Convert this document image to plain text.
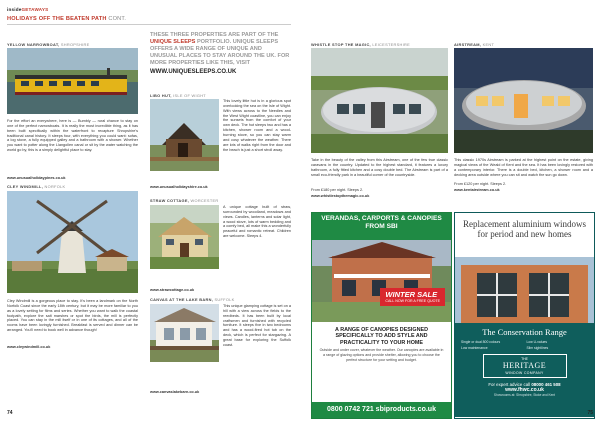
insideGETAWAYS
HOLIDAYS OFF THE BEATEN PATH CONT.
YELLOW NARROWBOAT, SHROPSHIRE

For the effort an everywhere, here is — Bumbly — rural chance to stay on one of the perfect narrowboats. It is really the most incredible thing, as it has been built specifically within the waterfront to recapture Shropshire's traditional canal history. It sleeps four, with everything you could want: sofas, a log stove, a fully equipped galley and a bathroom with a shower. Whether you want to potter along the Llangollen canal or sit by the water watching the world go by, this is a simply delightful place to stay.

www.unusualholidaypines.co.uk

CLEY WINDMILL, NORFOLK

Cley Windmill is a gorgeous place to stay. It's been a landmark on the North Norfolk Coast since the early 18th century, but it may be more familiar to you as a lovely setting for films and series. Whether you want to walk the coastal footpath, explore the salt marshes or spot the birds, the mill is perfectly placed. You can stay in the mill itself or in one of its cottages, and all of the rooms have been lovingly furnished. Breakfast is served and dinner can be arranged. You'll need to book well in advance though!

www.cleywindmill.co.uk

THESE THREE PROPERTIES ARE PART OF THE UNIQUE SLEEPS PORTFOLIO. UNIQUE SLEEPS OFFERS A WIDE RANGE OF UNIQUE AND UNUSUAL PLACES TO STAY AROUND THE UK. FOR MORE PROPERTIES LIKE THIS, VISIT

WWW.UNIQUESLEEPS.CO.UK

LIBO HUT, ISLE OF WIGHT

This lovely little hut is in a glorious spot overlooking the sea on the Isle of Wight. With views across to the Needles and the West Wight coastline, you can enjoy the sunsets from the comfort of your own deck. The hut sleeps two and has a kitchen, shower room and a wood-burning stove, so you can stay warm and cosy whatever the weather. There are lots of walks right from the door and the beach is just a short stroll away.

www.unusualholidayshire.co.uk

STRAW COTTAGE, WORCESTER

A unique cottage built of straw, surrounded by woodland, meadows and views. Candles, lanterns and solar light, a wood stove, lots of warm bedding and a comfy bed, all make this a wonderfully peaceful and romantic retreat. Children are welcome. Sleeps 4.

www.strawcottage.co.uk

CANVAS AT THE LAKE BARN, SUFFOLK

This unique glamping cottage is set on a hill with a view across the fields to the reedbeds. It has been built by local craftsmen and furnished with recycled furniture. It sleeps five in two bedrooms and has a wood-fired hot tub on the deck, which is perfect for stargazing. A great base for exploring the Suffolk coast.

www.canvaslakebarn.co.uk

74
WHISTLE STOP THE MAGIC, LEICESTERSHIRE

Take in the beauty of the valley from this Airstream, one of the few true classic caravans in the country. Updated to the highest standard, it features a luxury bathroom, a fully fitted kitchen and a cosy double bed. The Airstream is part of a small eco-friendly park in a beautiful corner of the countryside.

From £180 per night. Sleeps 2.

www.whistlestopthemagic.co.uk

AIRSTREAM, KENT

This classic 1970s Airstream is parked at the highest point on the estate, giving magical views of the Weald of Kent and the sea. It has been lovingly restored with a contemporary interior. There is a double bed, kitchen, a shower room and a decking area outside where you can sit and watch the sun go down.

From £120 per night. Sleeps 2.

www.kentairstream.co.uk

VERANDAS, CARPORTS & CANOPIES FROM SBI

WINTER SALE

CALL NOW FOR A FREE QUOTE

A RANGE OF CANOPIES DESIGNED SPECIFICALLY TO ADD STYLE AND PRACTICALITY TO YOUR HOME

Outside and under cover, whatever the weather. Our canopies are available in a range of glazing options and provide shelter, allowing you to choose the perfect structure for your setting and budget.

0800 0742 721 sbiproducts.co.uk

Replacement aluminium windows for period and new homes

The Conservation Range

Single or dual 800 colours	Low U-values
Low maintenance	Slim sightlines

THE

HERITAGE

WINDOW COMPANY

For expert advice call 08000 461 508

www.fhwc.co.uk

Showrooms at: Shropshire, Stoke and Kent

75
